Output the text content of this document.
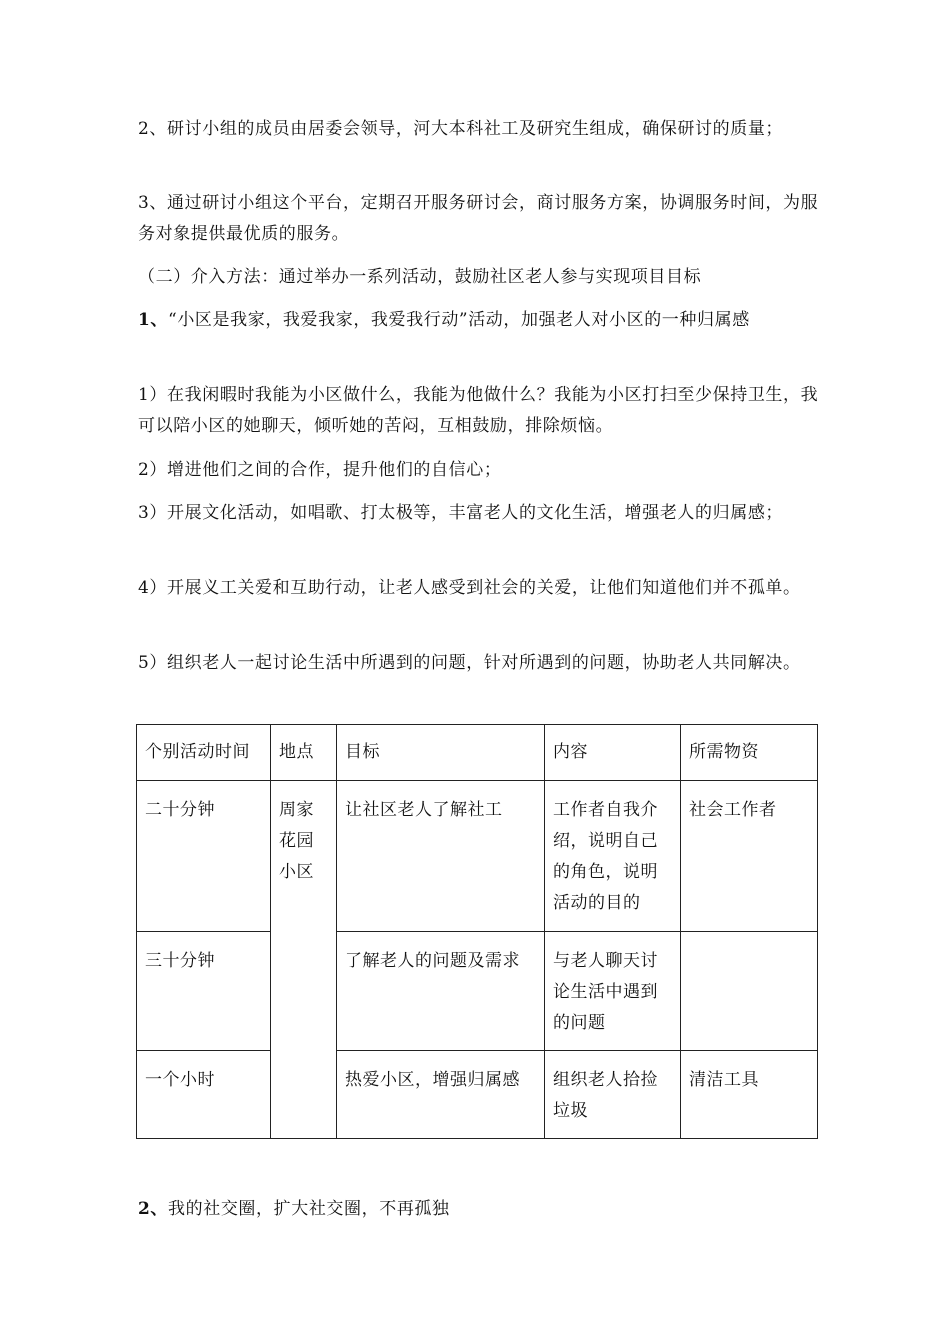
2、研讨小组的成员由居委会领导，河大本科社工及研究生组成，确保研讨的质量；

3、通过研讨小组这个平台，定期召开服务研讨会，商讨服务方案，协调服务时间，为服务对象提供最优质的服务。

（二）介入方法：通过举办一系列活动，鼓励社区老人参与实现项目目标

1、“小区是我家，我爱我家，我爱我行动”活动，加强老人对小区的一种归属感

1）在我闲暇时我能为小区做什么，我能为他做什么？我能为小区打扫至少保持卫生，我可以陪小区的她聊天，倾听她的苦闷，互相鼓励，排除烦恼。

2）增进他们之间的合作，提升他们的自信心；

3）开展文化活动，如唱歌、打太极等，丰富老人的文化生活，增强老人的归属感；

4）开展义工关爱和互助行动，让老人感受到社会的关爱，让他们知道他们并不孤单。

5）组织老人一起讨论生活中所遇到的问题，针对所遇到的问题，协助老人共同解决。

个别活动时间	地点	目标	内容	所需物资
二十分钟	周家花园小区	让社区老人了解社工	工作者自我介绍，说明自己的角色，说明活动的目的	社会工作者
三十分钟		了解老人的问题及需求	与老人聊天讨论生活中遇到的问题	
一个小时		热爱小区，增强归属感	组织老人拾捡垃圾	清洁工具

2、我的社交圈，扩大社交圈，不再孤独
